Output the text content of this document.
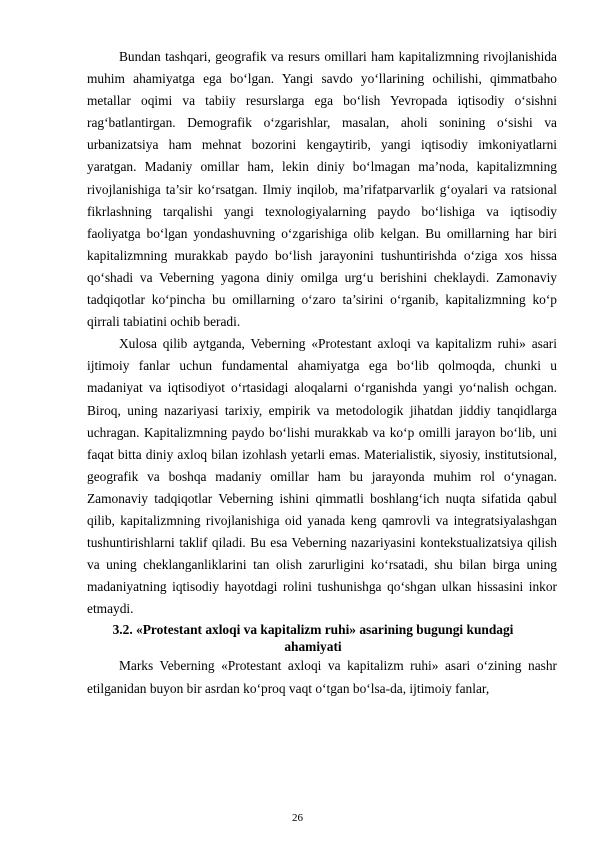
Bundan tashqari, geografik va resurs omillari ham kapitalizmning rivojlanishida muhim ahamiyatga ega bo‘lgan. Yangi savdo yo‘llarining ochilishi, qimmatbaho metallar oqimi va tabiiy resurslarga ega bo‘lish Yevropada iqtisodiy o‘sishni rag‘batlantirgan. Demografik o‘zgarishlar, masalan, aholi sonining o‘sishi va urbanizatsiya ham mehnat bozorini kengaytirib, yangi iqtisodiy imkoniyatlarni yaratgan. Madaniy omillar ham, lekin diniy bo‘lmagan ma’noda, kapitalizmning rivojlanishiga ta’sir ko‘rsatgan. Ilmiy inqilob, ma’rifatparvarlik g‘oyalari va ratsional fikrlashning tarqalishi yangi texnologiyalarning paydo bo‘lishiga va iqtisodiy faoliyatga bo‘lgan yondashuvning o‘zgarishiga olib kelgan. Bu omillarning har biri kapitalizmning murakkab paydo bo‘lish jarayonini tushuntirishda o‘ziga xos hissa qo‘shadi va Veberning yagona diniy omilga urg‘u berishini cheklaydi. Zamonaviy tadqiqotlar ko‘pincha bu omillarning o‘zaro ta’sirini o‘rganib, kapitalizmning ko‘p qirrali tabiatini ochib beradi.

Xulosa qilib aytganda, Veberning «Protestant axloqi va kapitalizm ruhi» asari ijtimoiy fanlar uchun fundamental ahamiyatga ega bo‘lib qolmoqda, chunki u madaniyat va iqtisodiyot o‘rtasidagi aloqalarni o‘rganishda yangi yo‘nalish ochgan. Biroq, uning nazariyasi tarixiy, empirik va metodologik jihatdan jiddiy tanqidlarga uchragan. Kapitalizmning paydo bo‘lishi murakkab va ko‘p omilli jarayon bo‘lib, uni faqat bitta diniy axloq bilan izohlash yetarli emas. Materialistik, siyosiy, institutsional, geografik va boshqa madaniy omillar ham bu jarayonda muhim rol o‘ynagan. Zamonaviy tadqiqotlar Veberning ishini qimmatli boshlang‘ich nuqta sifatida qabul qilib, kapitalizmning rivojlanishiga oid yanada keng qamrovli va integratsiyalashgan tushuntirishlarni taklif qiladi. Bu esa Veberning nazariyasini kontekstualizatsiya qilish va uning cheklanganliklarini tan olish zarurligini ko‘rsatadi, shu bilan birga uning madaniyatning iqtisodiy hayotdagi rolini tushunishga qo‘shgan ulkan hissasini inkor etmaydi.

3.2. «Protestant axloqi va kapitalizm ruhi» asarining bugungi kundagi ahamiyati

Marks Veberning «Protestant axloqi va kapitalizm ruhi» asari o‘zining nashr etilganidan buyon bir asrdan ko‘proq vaqt o‘tgan bo‘lsa-da, ijtimoiy fanlar,

26
